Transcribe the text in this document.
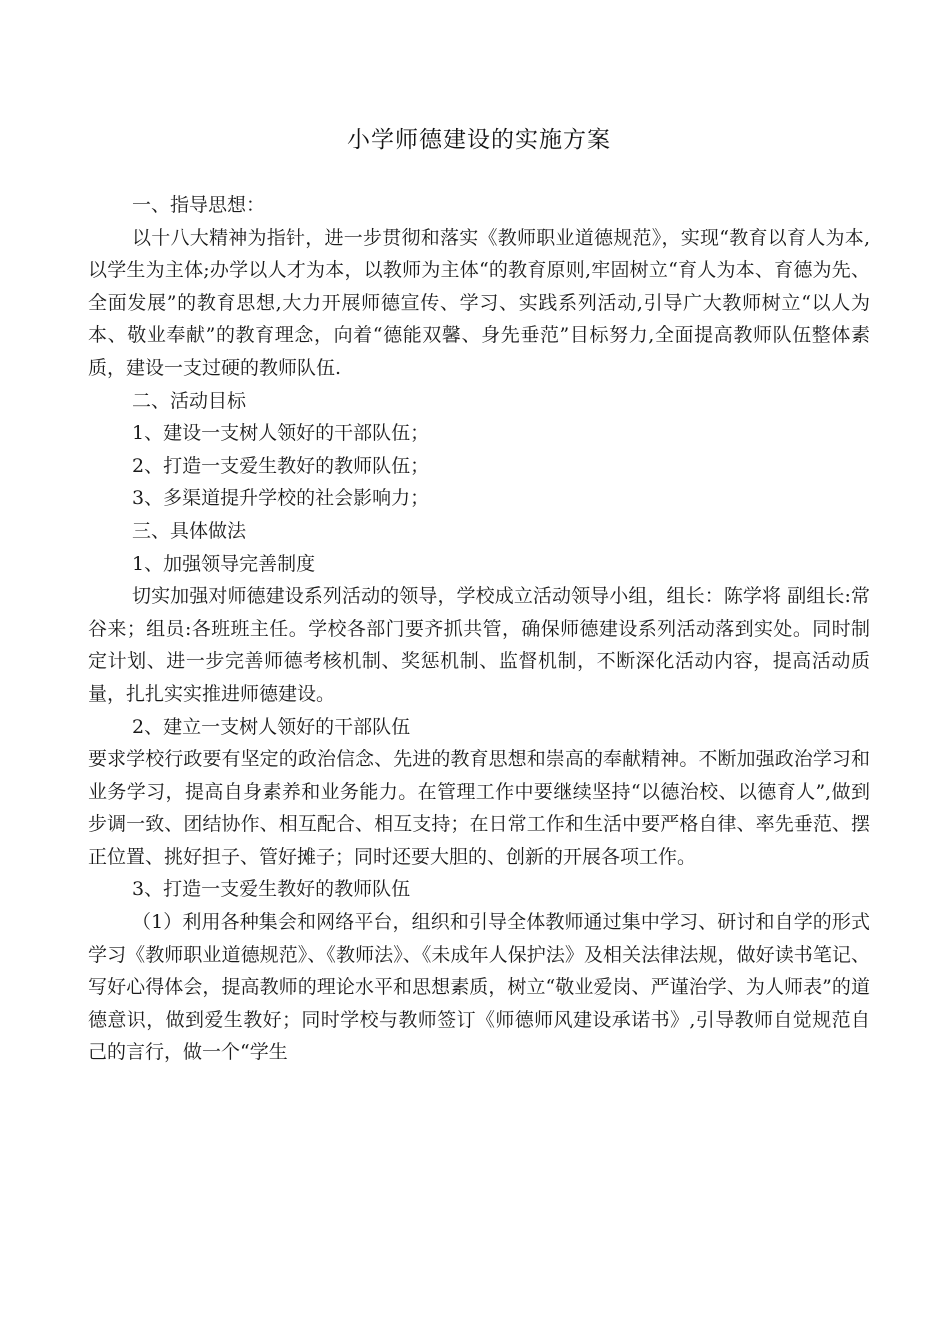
小学师德建设的实施方案

一、指导思想：

以十八大精神为指针，进一步贯彻和落实《教师职业道德规范》，实现“教育以育人为本,以学生为主体;办学以人才为本，以教师为主体“的教育原则,牢固树立“育人为本、育德为先、全面发展”的教育思想,大力开展师德宣传、学习、实践系列活动,引导广大教师树立“以人为本、敬业奉献”的教育理念，向着“德能双馨、身先垂范”目标努力,全面提高教师队伍整体素质，建设一支过硬的教师队伍.

二、活动目标

1、建设一支树人领好的干部队伍；

2、打造一支爱生教好的教师队伍；

3、多渠道提升学校的社会影响力；

三、具体做法

1、加强领导完善制度

切实加强对师德建设系列活动的领导，学校成立活动领导小组，组长：陈学将 副组长:常谷来；组员:各班班主任。学校各部门要齐抓共管，确保师德建设系列活动落到实处。同时制定计划、进一步完善师德考核机制、奖惩机制、监督机制，不断深化活动内容，提高活动质量，扎扎实实推进师德建设。

2、建立一支树人领好的干部队伍

要求学校行政要有坚定的政治信念、先进的教育思想和崇高的奉献精神。不断加强政治学习和业务学习，提高自身素养和业务能力。在管理工作中要继续坚持“以德治校、以德育人”,做到步调一致、团结协作、相互配合、相互支持；在日常工作和生活中要严格自律、率先垂范、摆正位置、挑好担子、管好摊子；同时还要大胆的、创新的开展各项工作。

3、打造一支爱生教好的教师队伍

（1）利用各种集会和网络平台，组织和引导全体教师通过集中学习、研讨和自学的形式学习《教师职业道德规范》、《教师法》、《未成年人保护法》及相关法律法规，做好读书笔记、写好心得体会，提高教师的理论水平和思想素质，树立“敬业爱岗、严谨治学、为人师表”的道德意识，做到爱生教好；同时学校与教师签订《师德师风建设承诺书》,引导教师自觉规范自己的言行，做一个“学生
